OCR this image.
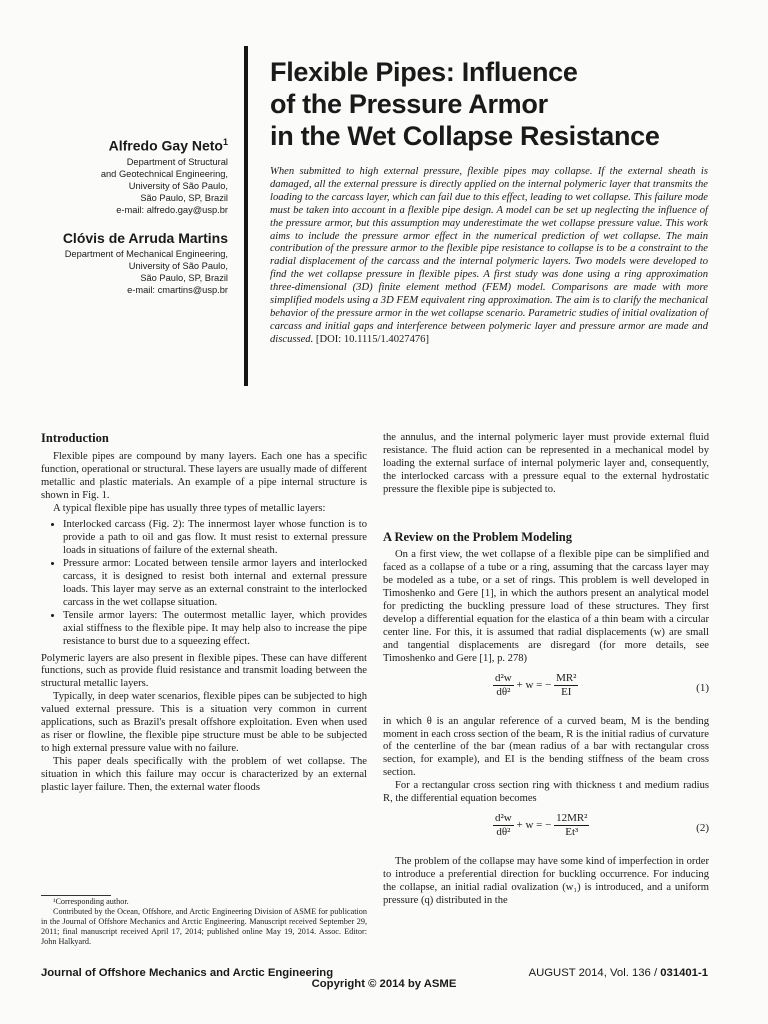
Flexible Pipes: Influence
of the Pressure Armor
in the Wet Collapse Resistance
Alfredo Gay Neto$^1$
Department of Structural
and Geotechnical Engineering,
University of São Paulo,
São Paulo, SP, Brazil
e-mail: alfredo.gay@usp.br
Clóvis de Arruda Martins
Department of Mechanical Engineering,
University of São Paulo,
São Paulo, SP, Brazil
e-mail: cmartins@usp.br
When submitted to high external pressure, flexible pipes may collapse. If the external sheath is damaged, all the external pressure is directly applied on the internal polymeric layer that transmits the loading to the carcass layer, which can fail due to this effect, leading to wet collapse. This failure mode must be taken into account in a flexible pipe design. A model can be set up neglecting the influence of the pressure armor, but this assumption may underestimate the wet collapse pressure value. This work aims to include the pressure armor effect in the numerical prediction of wet collapse. The main contribution of the pressure armor to the flexible pipe resistance to collapse is to be a constraint to the radial displacement of the carcass and the internal polymeric layers. Two models were developed to find the wet collapse pressure in flexible pipes. A first study was done using a ring approximation three-dimensional (3D) finite element method (FEM) model. Comparisons are made with more simplified models using a 3D FEM equivalent ring approximation. The aim is to clarify the mechanical behavior of the pressure armor in the wet collapse scenario. Parametric studies of initial ovalization of carcass and initial gaps and interference between polymeric layer and pressure armor are made and discussed. [DOI: 10.1115/1.4027476]
Introduction

Flexible pipes are compound by many layers. Each one has a specific function, operational or structural. These layers are usually made of different metallic and plastic materials. An example of a pipe internal structure is shown in Fig. 1.

A typical flexible pipe has usually three types of metallic layers:

• Interlocked carcass (Fig. 2): The innermost layer whose function is to provide a path to oil and gas flow. It must resist to external pressure loads in situations of failure of the external sheath.
• Pressure armor: Located between tensile armor layers and interlocked carcass, it is designed to resist both internal and external pressure loads. This layer may serve as an external constraint to the interlocked carcass in the wet collapse situation.
• Tensile armor layers: The outermost metallic layer, which provides axial stiffness to the flexible pipe. It may help also to increase the pipe resistance to burst due to a squeezing effect.

Polymeric layers are also present in flexible pipes. These can have different functions, such as provide fluid resistance and transmit loading between the structural metallic layers.

Typically, in deep water scenarios, flexible pipes can be subjected to high valued external pressure. This is a situation very common in current applications, such as Brazil's presalt offshore exploitation. Even when used as riser or flowline, the flexible pipe structure must be able to be subjected to high external pressure value with no failure.

This paper deals specifically with the problem of wet collapse. The situation in which this failure may occur is characterized by an external plastic layer failure. Then, the external water floods

the annulus, and the internal polymeric layer must provide external fluid resistance. The fluid action can be represented in a mechanical model by loading the external surface of internal polymeric layer and, consequently, the interlocked carcass with a pressure equal to the external hydrostatic pressure the flexible pipe is subjected to.

A Review on the Problem Modeling

On a first view, the wet collapse of a flexible pipe can be simplified and faced as a collapse of a tube or a ring, assuming that the carcass layer may be modeled as a tube, or a set of rings. This problem is well developed in Timoshenko and Gere [1], in which the authors present an analytical model for predicting the buckling pressure load of these structures. They first develop a differential equation for the elastica of a thin beam with a circular center line. For this, it is assumed that radial displacements (w) are small and tangential displacements are disregard (for more details, see Timoshenko and Gere [1], p. 278)

$\frac{\text{d²w}}{\text{dθ²}} + w$ = − $\frac{\text{MR²}}{EI}$	(1)

in which θ is an angular reference of a curved beam, M is the bending moment in each cross section of the beam, R is the initial radius of curvature of the centerline of the bar (mean radius of a bar with rectangular cross section, for example), and EI is the bending stiffness of the beam cross section.

For a rectangular cross section ring with thickness t and medium radius R, the differential equation becomes

$\frac{\text{d²w}}{\text{dθ²}} + w$ = − $\frac{\text{12MR²}}{\text{Et³}}$	(2)

The problem of the collapse may have some kind of imperfection in order to introduce a preferential direction for buckling occurrence. For inducing the collapse, an initial radial ovalization (w₁) is introduced, and a uniform pressure (q) distributed in the

¹Corresponding author.
Contributed by the Ocean, Offshore, and Arctic Engineering Division of ASME for publication in the Journal of Offshore Mechanics and Arctic Engineering. Manuscript received September 29, 2011; final manuscript received April 17, 2014; published online May 19, 2014. Assoc. Editor: John Halkyard.
Journal of Offshore Mechanics and Arctic Engineering	AUGUST 2014, Vol. 136 / 031401-1
Copyright © 2014 by ASME
